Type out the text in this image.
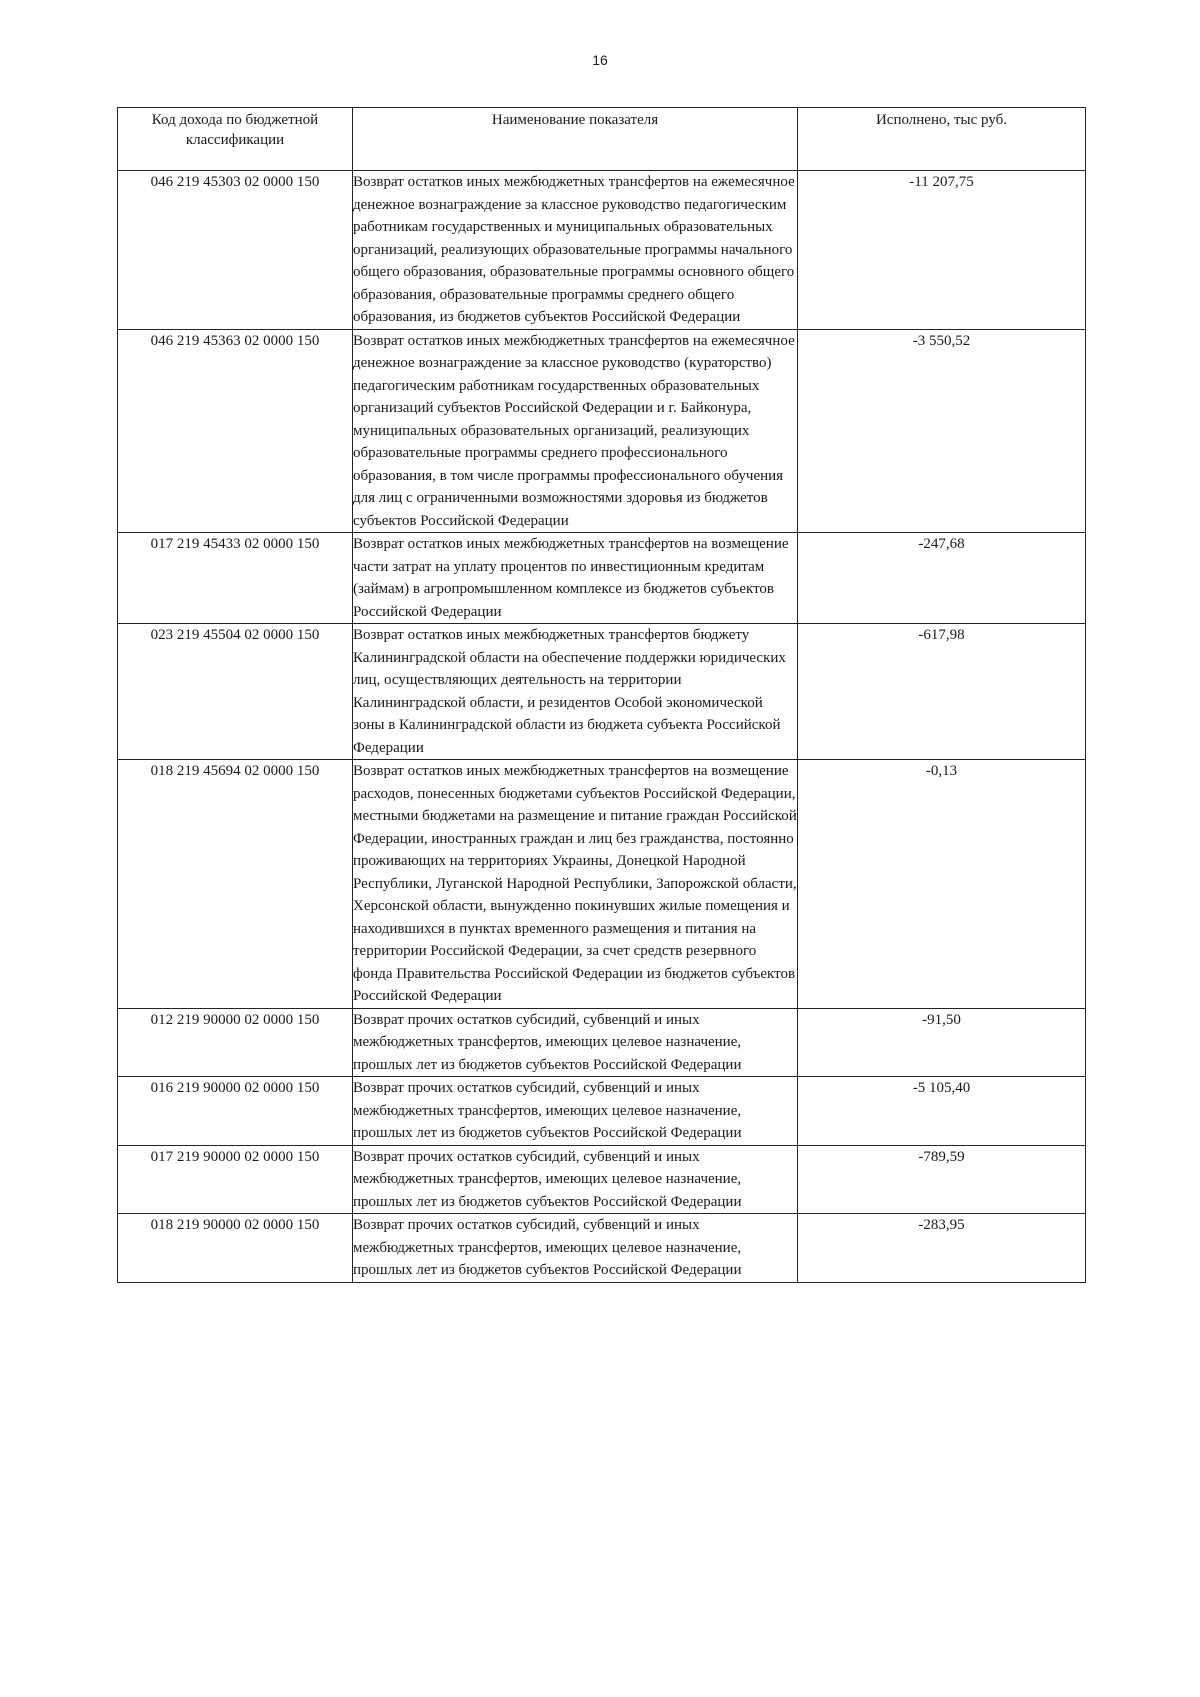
16
Код дохода по бюджетной классификации	Наименование показателя	Исполнено, тыс руб.
046 219 45303 02 0000 150	Возврат остатков иных межбюджетных трансфертов на ежемесячное денежное вознаграждение за классное руководство педагогическим работникам государственных и муниципальных образовательных организаций, реализующих образовательные программы начального общего образования, образовательные программы основного общего образования, образовательные программы среднего общего образования, из бюджетов субъектов Российской Федерации	-11 207,75
046 219 45363 02 0000 150	Возврат остатков иных межбюджетных трансфертов на ежемесячное денежное вознаграждение за классное руководство (кураторство) педагогическим работникам государственных образовательных организаций субъектов Российской Федерации и г. Байконура, муниципальных образовательных организаций, реализующих образовательные программы среднего профессионального образования, в том числе программы профессионального обучения для лиц с ограниченными возможностями здоровья из бюджетов субъектов Российской Федерации	-3 550,52
017 219 45433 02 0000 150	Возврат остатков иных межбюджетных трансфертов на возмещение части затрат на уплату процентов по инвестиционным кредитам (займам) в агропромышленном комплексе из бюджетов субъектов Российской Федерации	-247,68
023 219 45504 02 0000 150	Возврат остатков иных межбюджетных трансфертов бюджету Калининградской области на обеспечение поддержки юридических лиц, осуществляющих деятельность на территории Калининградской области, и резидентов Особой экономической зоны в Калининградской области из бюджета субъекта Российской Федерации	-617,98
018 219 45694 02 0000 150	Возврат остатков иных межбюджетных трансфертов на возмещение расходов, понесенных бюджетами субъектов Российской Федерации, местными бюджетами на размещение и питание граждан Российской Федерации, иностранных граждан и лиц без гражданства, постоянно проживающих на территориях Украины, Донецкой Народной Республики, Луганской Народной Республики, Запорожской области, Херсонской области, вынужденно покинувших жилые помещения и находившихся в пунктах временного размещения и питания на территории Российской Федерации, за счет средств резервного фонда Правительства Российской Федерации из бюджетов субъектов Российской Федерации	-0,13
012 219 90000 02 0000 150	Возврат прочих остатков субсидий, субвенций и иных межбюджетных трансфертов, имеющих целевое назначение, прошлых лет из бюджетов субъектов Российской Федерации	-91,50
016 219 90000 02 0000 150	Возврат прочих остатков субсидий, субвенций и иных межбюджетных трансфертов, имеющих целевое назначение, прошлых лет из бюджетов субъектов Российской Федерации	-5 105,40
017 219 90000 02 0000 150	Возврат прочих остатков субсидий, субвенций и иных межбюджетных трансфертов, имеющих целевое назначение, прошлых лет из бюджетов субъектов Российской Федерации	-789,59
018 219 90000 02 0000 150	Возврат прочих остатков субсидий, субвенций и иных межбюджетных трансфертов, имеющих целевое назначение, прошлых лет из бюджетов субъектов Российской Федерации	-283,95
